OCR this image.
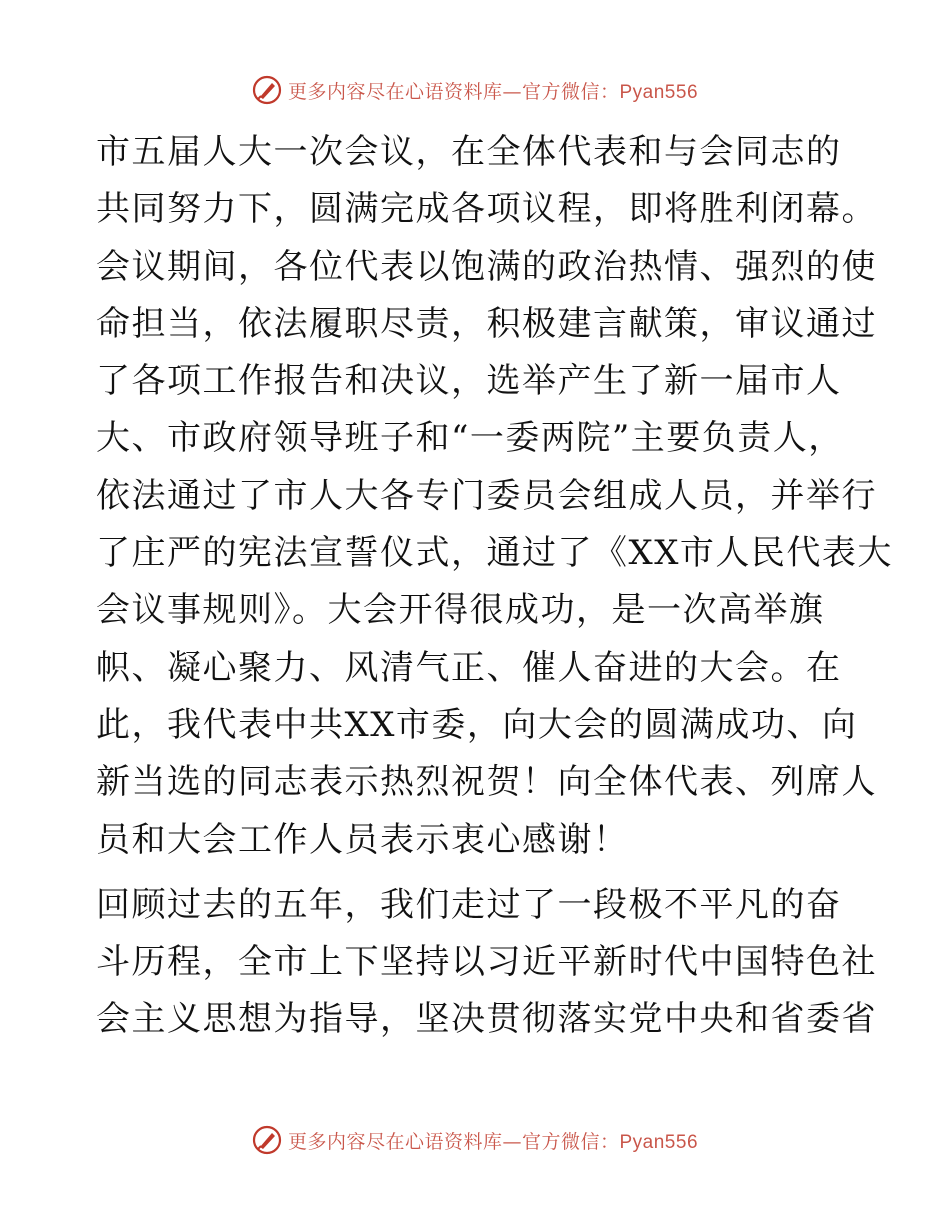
更多内容尽在心语资料库—官方微信：Pyan556
市五届人大一次会议，在全体代表和与会同志的
共同努力下，圆满完成各项议程，即将胜利闭幕。
会议期间，各位代表以饱满的政治热情、强烈的使
命担当，依法履职尽责，积极建言献策，审议通过
了各项工作报告和决议，选举产生了新一届市人
大、市政府领导班子和“一委两院”主要负责人，
依法通过了市人大各专门委员会组成人员，并举行
了庄严的宪法宣誓仪式，通过了《XX市人民代表大
会议事规则》。大会开得很成功，是一次高举旗
帜、凝心聚力、风清气正、催人奋进的大会。在
此，我代表中共XX市委，向大会的圆满成功、向
新当选的同志表示热烈祝贺！向全体代表、列席人
员和大会工作人员表示衷心感谢！
回顾过去的五年，我们走过了一段极不平凡的奋
斗历程，全市上下坚持以习近平新时代中国特色社
会主义思想为指导，坚决贯彻落实党中央和省委省
更多内容尽在心语资料库—官方微信：Pyan556
